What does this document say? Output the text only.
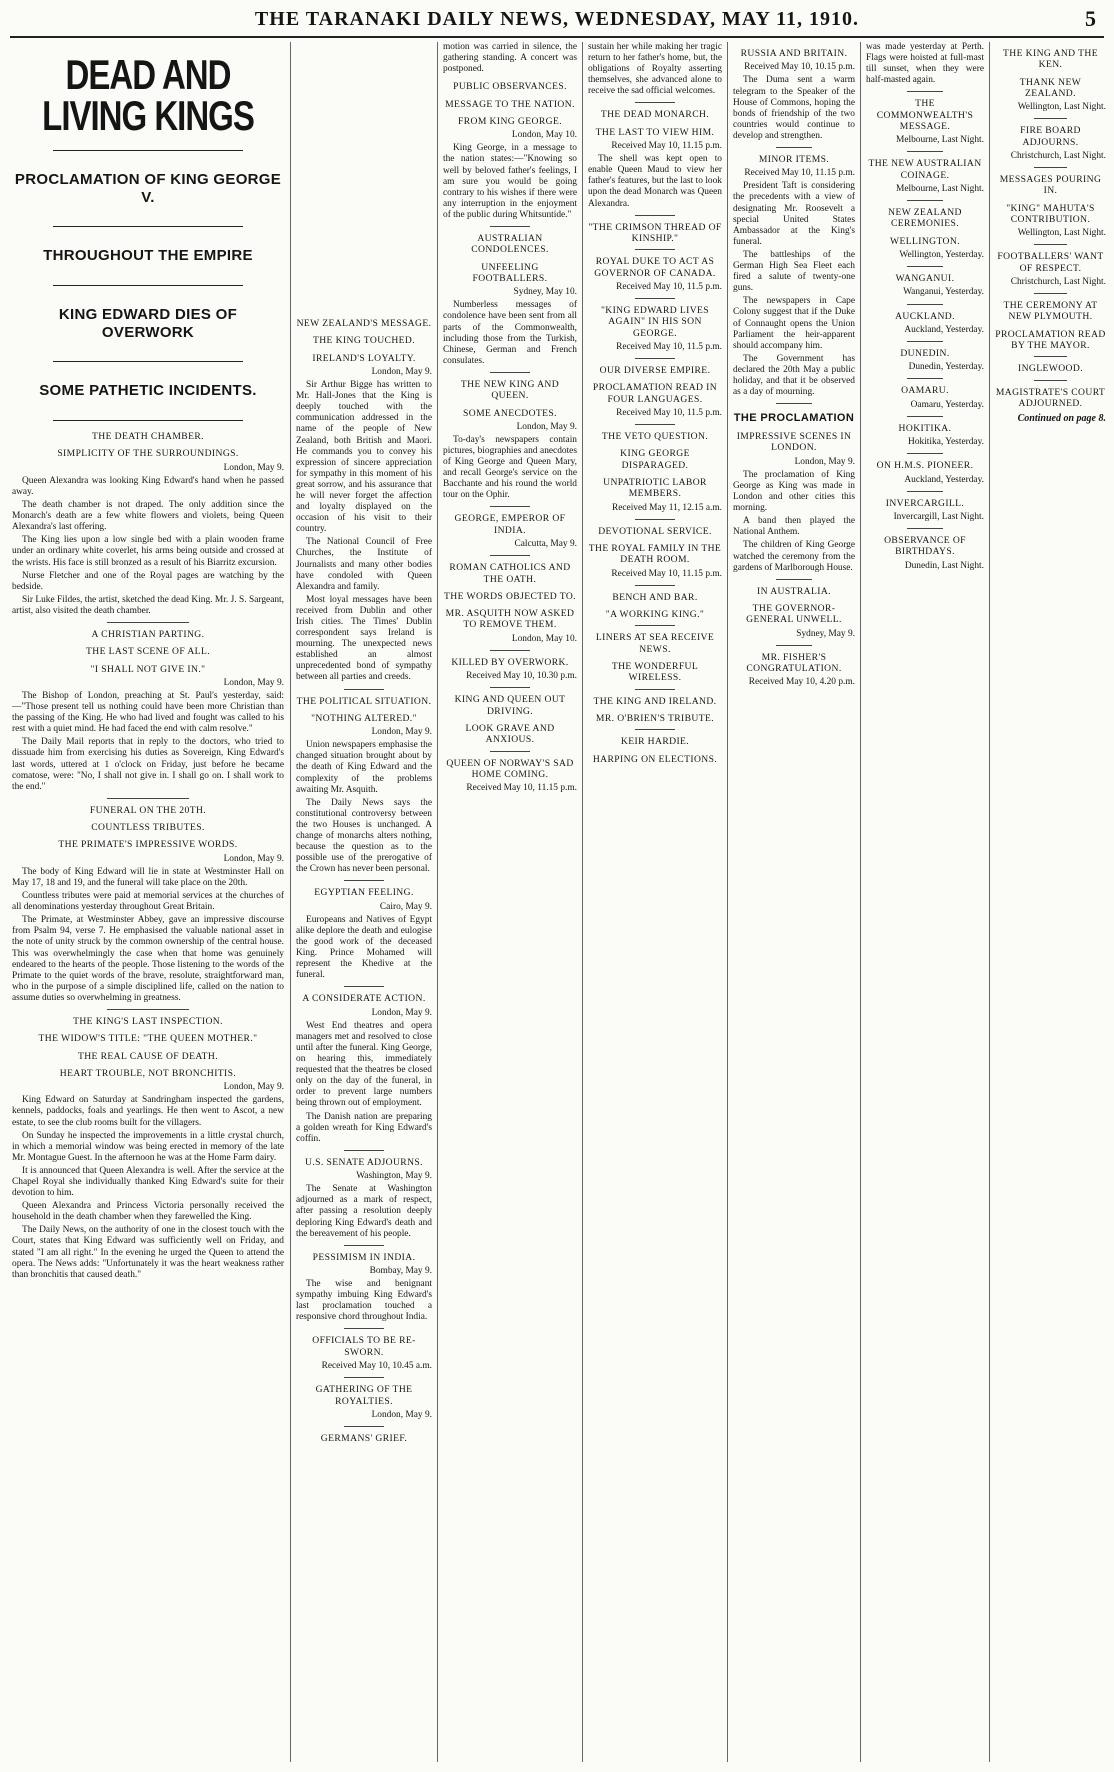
THE TARANAKI DAILY NEWS, WEDNESDAY, MAY 11, 1910.	5
DEAD AND LIVING KINGS
PROCLAMATION OF KING GEORGE V.
THROUGHOUT THE EMPIRE
KING EDWARD DIES OF OVERWORK
SOME PATHETIC INCIDENTS.
THE DEATH CHAMBER.
SIMPLICITY OF THE SURROUNDINGS.
London, May 9.

Queen Alexandra was looking King Edward's hand when he passed away.

The death chamber is not draped. The only addition since the Monarch's death are a few white flowers and violets, being Queen Alexandra's last offering.

The King lies upon a low single bed with a plain wooden frame under an ordinary white coverlet, his arms being outside and crossed at the wrists. His face is still bronzed as a result of his Biarritz excursion.

Nurse Fletcher and one of the Royal pages are watching by the bedside.

Sir Luke Fildes, the artist, sketched the dead King. Mr. J. S. Sargeant, artist, also visited the death chamber.

A CHRISTIAN PARTING.
THE LAST SCENE OF ALL.
"I SHALL NOT GIVE IN."
London, May 9.

The Bishop of London, preaching at St. Paul's yesterday, said:—"Those present tell us nothing could have been more Christian than the passing of the King. He who had lived and fought was called to his rest with a quiet mind. He had faced the end with calm resolve."

The Daily Mail reports that in reply to the doctors, who tried to dissuade him from exercising his duties as Sovereign, King Edward's last words, uttered at 1 o'clock on Friday, just before he became comatose, were: "No, I shall not give in. I shall go on. I shall work to the end."

FUNERAL ON THE 20TH.
COUNTLESS TRIBUTES.
THE PRIMATE'S IMPRESSIVE WORDS.
London, May 9.

The body of King Edward will lie in state at Westminster Hall on May 17, 18 and 19, and the funeral will take place on the 20th.

Countless tributes were paid at memorial services at the churches of all denominations yesterday throughout Great Britain.

The Primate, at Westminster Abbey, gave an impressive discourse from Psalm 94, verse 7. He emphasised the valuable national asset in the note of unity struck by the common ownership of the central house. This was overwhelmingly the case when that home was genuinely endeared to the hearts of the people. Those listening to the words of the Primate to the quiet words of the brave, resolute, straightforward man, who in the purpose of a simple disciplined life, called on the nation to assume duties so overwhelming in greatness.

THE KING'S LAST INSPECTION.
THE WIDOW'S TITLE: "THE QUEEN MOTHER."
THE REAL CAUSE OF DEATH.
HEART TROUBLE, NOT BRONCHITIS.
London, May 9.

King Edward on Saturday at Sandringham inspected the gardens, kennels, paddocks, foals and yearlings. He then went to Ascot, a new estate, to see the club rooms built for the villagers.

On Sunday he inspected the improvements in a little crystal church, in which a memorial window was being erected in memory of the late Mr. Montague Guest. In the afternoon he was at the Home Farm dairy.

It is announced that Queen Alexandra is well. After the service at the Chapel Royal she individually thanked King Edward's suite for their devotion to him.

Queen Alexandra and Princess Victoria personally received the household in the death chamber when they farewelled the King.

The Daily News, on the authority of one in the closest touch with the Court, states that King Edward was sufficiently well on Friday, and stated "I am all right." In the evening he urged the Queen to attend the opera. The News adds: "Unfortunately it was the heart weakness rather than bronchitis that caused death."

NEW ZEALAND'S MESSAGE.
THE KING TOUCHED.
IRELAND'S LOYALTY.
London, May 9.

Sir Arthur Bigge has written to Mr. Hall-Jones that the King is deeply touched with the communication addressed in the name of the people of New Zealand, both British and Maori. He commands you to convey his expression of sincere appreciation for sympathy in this moment of his great sorrow, and his assurance that he will never forget the affection and loyalty displayed on the occasion of his visit to their country.

The National Council of Free Churches, the Institute of Journalists and many other bodies have condoled with Queen Alexandra and family.

Most loyal messages have been received from Dublin and other Irish cities. The Times' Dublin correspondent says Ireland is mourning. The unexpected news established an almost unprecedented bond of sympathy between all parties and creeds.

THE POLITICAL SITUATION.
"NOTHING ALTERED."
London, May 9.

Union newspapers emphasise the changed situation brought about by the death of King Edward and the complexity of the problems awaiting Mr. Asquith.

The Daily News says the constitutional controversy between the two Houses is unchanged. A change of monarchs alters nothing, because the question as to the possible use of the prerogative of the Crown has never been personal.

EGYPTIAN FEELING.
Cairo, May 9.

Europeans and Natives of Egypt alike deplore the death and eulogise the good work of the deceased King. Prince Mohamed will represent the Khedive at the funeral.

A CONSIDERATE ACTION.
London, May 9.

West End theatres and opera managers met and resolved to close until after the funeral. King George, on hearing this, immediately requested that the theatres be closed only on the day of the funeral, in order to prevent large numbers being thrown out of employment.

The Danish nation are preparing a golden wreath for King Edward's coffin.

U.S. SENATE ADJOURNS.
Washington, May 9.

The Senate at Washington adjourned as a mark of respect, after passing a resolution deeply deploring King Edward's death and the bereavement of his people.

PESSIMISM IN INDIA.
Bombay, May 9.

The wise and benignant sympathy imbuing King Edward's last proclamation touched a responsive chord throughout India.

OFFICIALS TO BE RE-SWORN.
Received May 10, 10.45 a.m.
GATHERING OF THE ROYALTIES.
London, May 9.
GERMANS' GRIEF.

motion was carried in silence, the gathering standing. A concert was postponed.

PUBLIC OBSERVANCES.
MESSAGE TO THE NATION.
FROM KING GEORGE.
London, May 10.

King George, in a message to the nation states:—"Knowing so well by beloved father's feelings, I am sure you would be going contrary to his wishes if there were any interruption in the enjoyment of the public during Whitsuntide."

AUSTRALIAN CONDOLENCES.
UNFEELING FOOTBALLERS.
Sydney, May 10.

Numberless messages of condolence have been sent from all parts of the Commonwealth, including those from the Turkish, Chinese, German and French consulates.

THE NEW KING AND QUEEN.
SOME ANECDOTES.
London, May 9.

To-day's newspapers contain pictures, biographies and anecdotes of King George and Queen Mary, and recall George's service on the Bacchante and his round the world tour on the Ophir.

GEORGE, EMPEROR OF INDIA.
Calcutta, May 9.
ROMAN CATHOLICS AND THE OATH.
THE WORDS OBJECTED TO.
MR. ASQUITH NOW ASKED TO REMOVE THEM.
London, May 10.
KILLED BY OVERWORK.
Received May 10, 10.30 p.m.
KING AND QUEEN OUT DRIVING.
LOOK GRAVE AND ANXIOUS.
QUEEN OF NORWAY'S SAD HOME COMING.
Received May 10, 11.15 p.m.

sustain her while making her tragic return to her father's home, but, the obligations of Royalty asserting themselves, she advanced alone to receive the sad official welcomes.

THE DEAD MONARCH.
THE LAST TO VIEW HIM.
Received May 10, 11.15 p.m.

The shell was kept open to enable Queen Maud to view her father's features, but the last to look upon the dead Monarch was Queen Alexandra.

"THE CRIMSON THREAD OF KINSHIP."
ROYAL DUKE TO ACT AS GOVERNOR OF CANADA.
Received May 10, 11.5 p.m.
"KING EDWARD LIVES AGAIN" IN HIS SON GEORGE.
Received May 10, 11.5 p.m.
OUR DIVERSE EMPIRE.
PROCLAMATION READ IN FOUR LANGUAGES.
Received May 10, 11.5 p.m.
THE VETO QUESTION.
KING GEORGE DISPARAGED.
UNPATRIOTIC LABOR MEMBERS.
Received May 11, 12.15 a.m.
DEVOTIONAL SERVICE.
THE ROYAL FAMILY IN THE DEATH ROOM.
Received May 10, 11.15 p.m.
BENCH AND BAR.
"A WORKING KING."
LINERS AT SEA RECEIVE NEWS.
THE WONDERFUL WIRELESS.
THE KING AND IRELAND.
MR. O'BRIEN'S TRIBUTE.
KEIR HARDIE.
HARPING ON ELECTIONS.
RUSSIA AND BRITAIN.
Received May 10, 10.15 p.m.

The Duma sent a warm telegram to the Speaker of the House of Commons, hoping the bonds of friendship of the two countries would continue to develop and strengthen.

MINOR ITEMS.
Received May 10, 11.15 p.m.

President Taft is considering the precedents with a view of designating Mr. Roosevelt a special United States Ambassador at the King's funeral.

The battleships of the German High Sea Fleet each fired a salute of twenty-one guns.

The newspapers in Cape Colony suggest that if the Duke of Connaught opens the Union Parliament the heir-apparent should accompany him.

The Government has declared the 20th May a public holiday, and that it be observed as a day of mourning.

THE PROCLAMATION
IMPRESSIVE SCENES IN LONDON.
London, May 9.

The proclamation of King George as King was made in London and other cities this morning.

A band then played the National Anthem.

The children of King George watched the ceremony from the gardens of Marlborough House.

IN AUSTRALIA.
THE GOVERNOR-GENERAL UNWELL.
Sydney, May 9.
MR. FISHER'S CONGRATULATION.
Received May 10, 4.20 p.m.

was made yesterday at Perth. Flags were hoisted at full-mast till sunset, when they were half-masted again.

THE COMMONWEALTH'S MESSAGE.
Melbourne, Last Night.
THE NEW AUSTRALIAN COINAGE.
Melbourne, Last Night.
NEW ZEALAND CEREMONIES.
WELLINGTON.
Wellington, Yesterday.
WANGANUI.
Wanganui, Yesterday.
AUCKLAND.
Auckland, Yesterday.
DUNEDIN.
Dunedin, Yesterday.
OAMARU.
Oamaru, Yesterday.
HOKITIKA.
Hokitika, Yesterday.
ON H.M.S. PIONEER.
Auckland, Yesterday.
INVERCARGILL.
Invercargill, Last Night.
OBSERVANCE OF BIRTHDAYS.
Dunedin, Last Night.
THE KING AND THE KEN.
THANK NEW ZEALAND.
Wellington, Last Night.
FIRE BOARD ADJOURNS.
Christchurch, Last Night.
MESSAGES POURING IN.
"KING" MAHUTA'S CONTRIBUTION.
Wellington, Last Night.
FOOTBALLERS' WANT OF RESPECT.
Christchurch, Last Night.
THE CEREMONY AT NEW PLYMOUTH.
PROCLAMATION READ BY THE MAYOR.
INGLEWOOD.
MAGISTRATE'S COURT ADJOURNED.
Continued on page 8.
